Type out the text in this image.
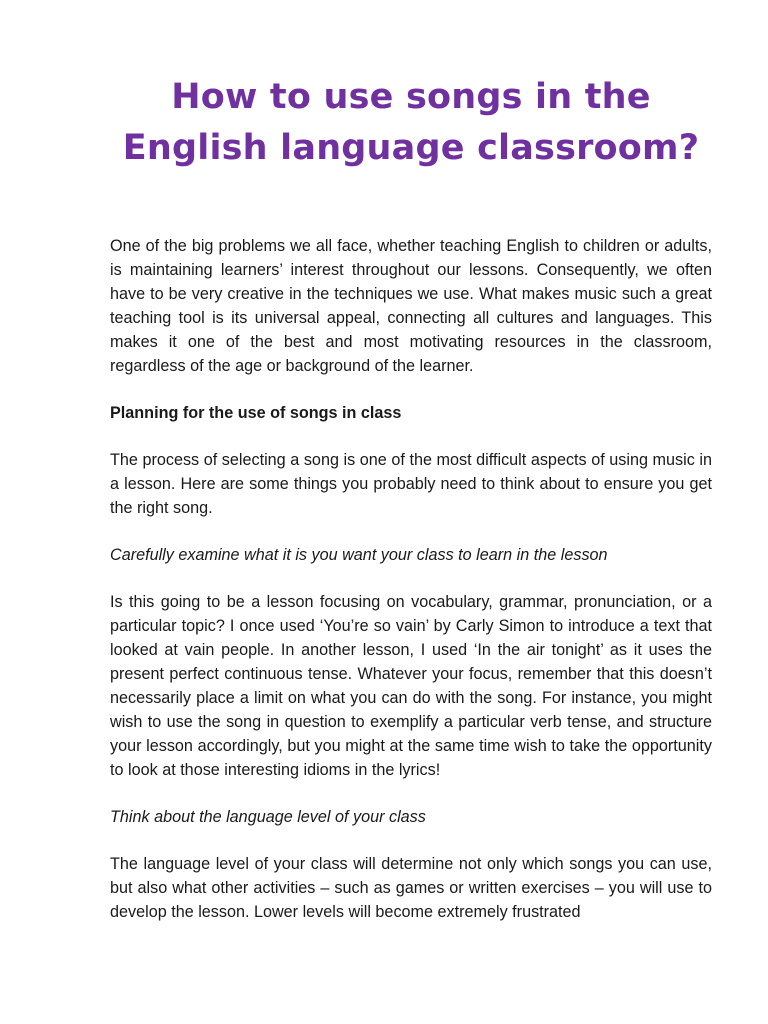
How to use songs in the English language classroom?

One of the big problems we all face, whether teaching English to children or adults, is maintaining learners’ interest throughout our lessons. Consequently, we often have to be very creative in the techniques we use. What makes music such a great teaching tool is its universal appeal, connecting all cultures and languages. This makes it one of the best and most motivating resources in the classroom, regardless of the age or background of the learner.

Planning for the use of songs in class

The process of selecting a song is one of the most difficult aspects of using music in a lesson. Here are some things you probably need to think about to ensure you get the right song.

Carefully examine what it is you want your class to learn in the lesson

Is this going to be a lesson focusing on vocabulary, grammar, pronunciation, or a particular topic? I once used ‘You’re so vain’ by Carly Simon to introduce a text that looked at vain people. In another lesson, I used ‘In the air tonight’ as it uses the present perfect continuous tense. Whatever your focus, remember that this doesn’t necessarily place a limit on what you can do with the song. For instance, you might wish to use the song in question to exemplify a particular verb tense, and structure your lesson accordingly, but you might at the same time wish to take the opportunity to look at those interesting idioms in the lyrics!

Think about the language level of your class

The language level of your class will determine not only which songs you can use, but also what other activities – such as games or written exercises – you will use to develop the lesson. Lower levels will become extremely frustrated
